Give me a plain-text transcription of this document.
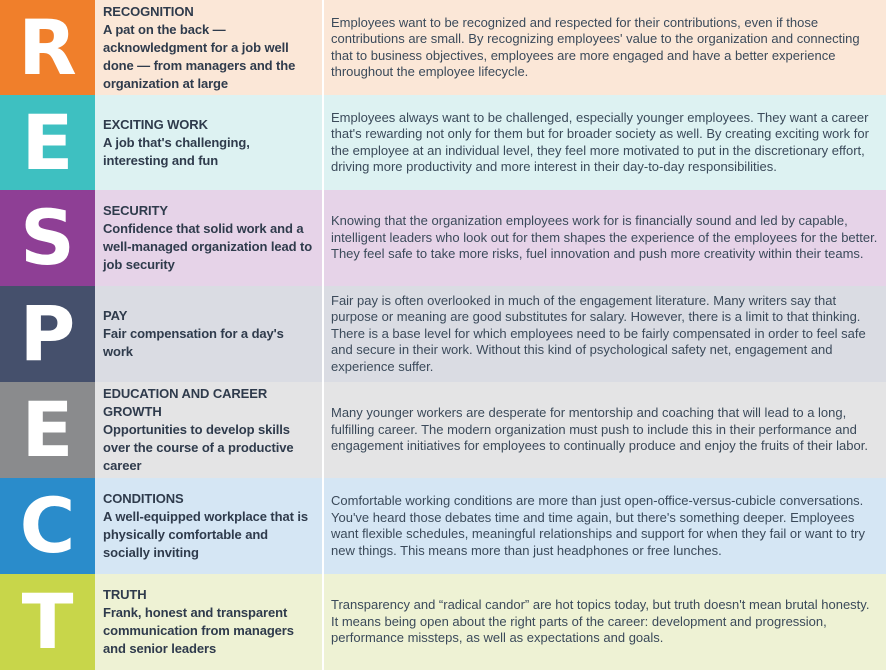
R	RECOGNITION
A pat on the back — acknowledgment for a job well done — from managers and the organization at large
Employees want to be recognized and respected for their contributions, even if those contributions are small. By recognizing employees' value to the organization and connecting that to business objectives, employees are more engaged and have a better experience throughout the employee lifecycle.
E	EXCITING WORK
A job that's challenging, interesting and fun
Employees always want to be challenged, especially younger employees. They want a career that's rewarding not only for them but for broader society as well. By creating exciting work for the employee at an individual level, they feel more motivated to put in the discretionary effort, driving more productivity and more interest in their day-to-day responsibilities.
S	SECURITY
Confidence that solid work and a well-managed organization lead to job security
Knowing that the organization employees work for is financially sound and led by capable, intelligent leaders who look out for them shapes the experience of the employees for the better. They feel safe to take more risks, fuel innovation and push more creativity within their teams.
P	PAY
Fair compensation for a day's work
Fair pay is often overlooked in much of the engagement literature. Many writers say that purpose or meaning are good substitutes for salary. However, there is a limit to that thinking. There is a base level for which employees need to be fairly compensated in order to feel safe and secure in their work. Without this kind of psychological safety net, engagement and experience suffer.
E	EDUCATION AND CAREER GROWTH
Opportunities to develop skills over the course of a productive career
Many younger workers are desperate for mentorship and coaching that will lead to a long, fulfilling career. The modern organization must push to include this in their performance and engagement initiatives for employees to continually produce and enjoy the fruits of their labor.
C	CONDITIONS
A well-equipped workplace that is physically comfortable and socially inviting
Comfortable working conditions are more than just open-office-versus-cubicle conversations. You've heard those debates time and time again, but there's something deeper. Employees want flexible schedules, meaningful relationships and support for when they fail or want to try new things. This means more than just headphones or free lunches.
T	TRUTH
Frank, honest and transparent communication from managers and senior leaders
Transparency and “radical candor” are hot topics today, but truth doesn't mean brutal honesty. It means being open about the right parts of the career: development and progression, performance missteps, as well as expectations and goals.
